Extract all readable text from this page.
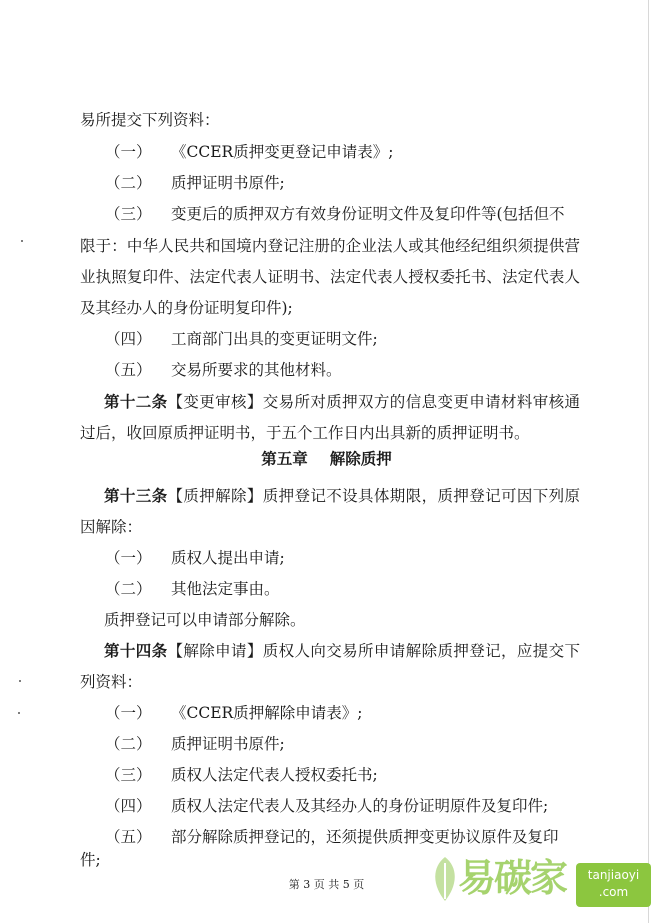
易所提交下列资料：
（一） 《CCER质押变更登记申请表》;
（二） 质押证明书原件;
（三） 变更后的质押双方有效身份证明文件及复印件等(包括但不
限于：中华人民共和国境内登记注册的企业法人或其他经纪组织须提供营
业执照复印件、法定代表人证明书、法定代表人授权委托书、法定代表人
及其经办人的身份证明复印件);
（四） 工商部门出具的变更证明文件;
（五） 交易所要求的其他材料。
第十二条【变更审核】交易所对质押双方的信息变更申请材料审核通
过后，收回原质押证明书，于五个工作日内出具新的质押证明书。
第五章 解除质押
第十三条【质押解除】质押登记不设具体期限，质押登记可因下列原
因解除：
（一） 质权人提出申请;
（二） 其他法定事由。
质押登记可以申请部分解除。
第十四条【解除申请】质权人向交易所申请解除质押登记，应提交下
列资料：
（一） 《CCER质押解除申请表》;
（二） 质押证明书原件;
（三） 质权人法定代表人授权委托书;
（四） 质权人法定代表人及其经办人的身份证明原件及复印件;
（五） 部分解除质押登记的，还须提供质押变更协议原件及复印
件;
第 3 页 共 5 页	易碳家	tanjiaoyi
.com
